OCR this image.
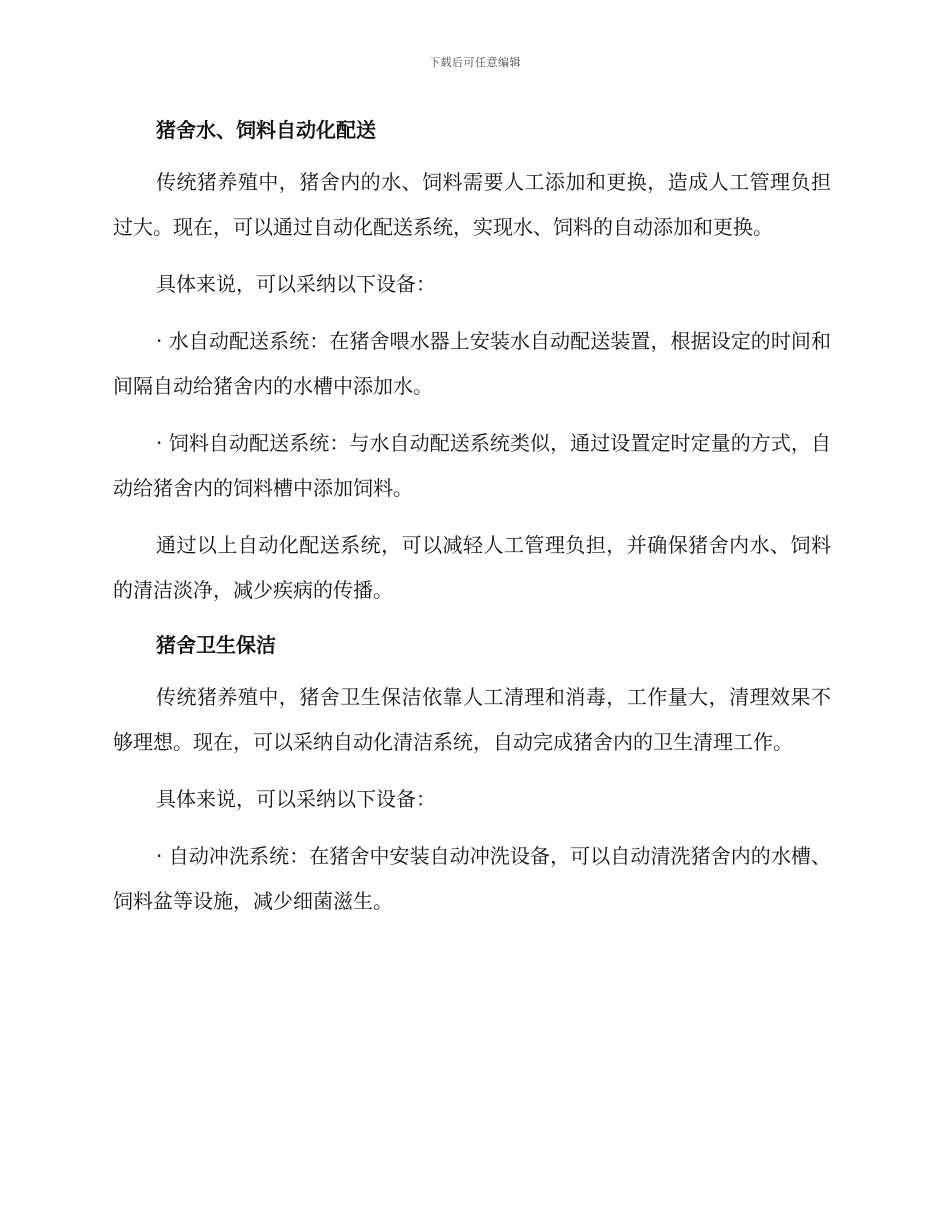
下载后可任意编辑
猪舍水、饲料自动化配送

传统猪养殖中，猪舍内的水、饲料需要人工添加和更换，造成人工管理负担过大。现在，可以通过自动化配送系统，实现水、饲料的自动添加和更换。

具体来说，可以采纳以下设备：

· 水自动配送系统：在猪舍喂水器上安装水自动配送装置，根据设定的时间和间隔自动给猪舍内的水槽中添加水。

· 饲料自动配送系统：与水自动配送系统类似，通过设置定时定量的方式，自动给猪舍内的饲料槽中添加饲料。

通过以上自动化配送系统，可以减轻人工管理负担，并确保猪舍内水、饲料的清洁淡净，减少疾病的传播。

猪舍卫生保洁

传统猪养殖中，猪舍卫生保洁依靠人工清理和消毒，工作量大，清理效果不够理想。现在，可以采纳自动化清洁系统，自动完成猪舍内的卫生清理工作。

具体来说，可以采纳以下设备：

· 自动冲洗系统：在猪舍中安装自动冲洗设备，可以自动清洗猪舍内的水槽、饲料盆等设施，减少细菌滋生。
